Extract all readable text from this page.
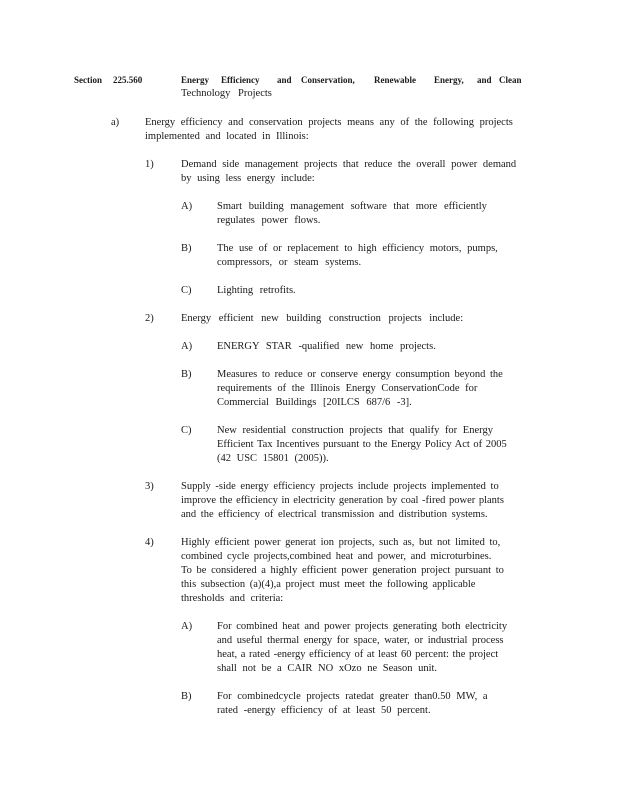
Section 225.560	Energy Efficiency and Conservation, Renewable Energy, and Clean
Technology Projects
a) Energy efficiency and conservation projects means any of the following projects
implemented and located in Illinois:
1)	Demand side management projects that reduce the overall power demand
by using less energy include:
A) Smart building management software that more efficiently
regulates power flows.
B) The use of or replacement to high efficiency motors, pumps,
compressors, or steam systems.
C) Lighting retrofits.
2)	Energy efficient new building construction projects include:
A) ENERGY STAR -qualified new home projects.
B) Measures to reduce or conserve energy consumption beyond the
requirements of the Illinois Energy ConservationCode for
Commercial Buildings [20ILCS 687/6 -3].
C) New residential construction projects that qualify for Energy
Efficient Tax Incentives pursuant to the Energy Policy Act of 2005
(42 USC 15801 (2005)).
3)	Supply -side energy efficiency projects include projects implemented to
improve the efficiency in electricity generation by coal -fired power plants
and the efficiency of electrical transmission and distribution systems.
4)	Highly efficient power generat ion projects, such as, but not limited to,
combined cycle projects,combined heat and power, and microturbines.
To be considered a highly efficient power generation project pursuant to
this subsection (a)(4),a project must meet the following applicable
thresholds and criteria:
A) For combined heat and power projects generating both electricity
and useful thermal energy for space, water, or industrial process
heat, a rated -energy efficiency of at least 60 percent: the project
shall not be a CAIR NO xOzo ne Season unit.
B) For combinedcycle projects ratedat greater than0.50 MW, a
rated -energy efficiency of at least 50 percent.
